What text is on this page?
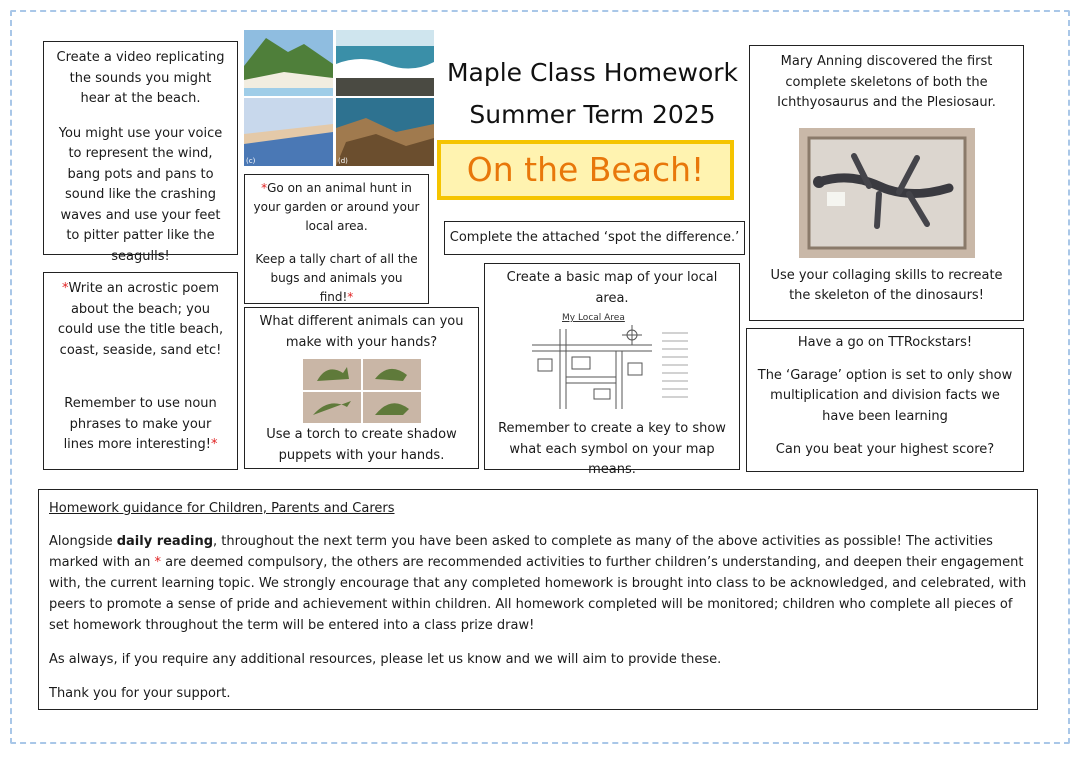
Create a video replicating the sounds you might hear at the beach.

You might use your voice to represent the wind, bang pots and pans to sound like the crashing waves and use your feet to pitter patter like the seagulls!

(c)	(d)
Maple Class Homework
Summer Term 2025
On the Beach!

*Go on an animal hunt in your garden or around your local area.

Keep a tally chart of all the bugs and animals you find!*

Complete the attached ‘spot the difference.’

Mary Anning discovered the first complete skeletons of both the Ichthyosaurus and the Plesiosaur.

Use your collaging skills to recreate the skeleton of the dinosaurs!

*Write an acrostic poem about the beach; you could use the title beach, coast, seaside, sand etc!

Remember to use noun phrases to make your lines more interesting!*

What different animals can you make with your hands?

Use a torch to create shadow puppets with your hands.

Create a basic map of your local area.

My Local Area

Remember to create a key to show what each symbol on your map means.

Have a go on TTRockstars!

The ‘Garage’ option is set to only show multiplication and division facts we have been learning

Can you beat your highest score?

Homework guidance for Children, Parents and Carers

Alongside daily reading, throughout the next term you have been asked to complete as many of the above activities as possible! The activities marked with an * are deemed compulsory, the others are recommended activities to further children’s understanding, and deepen their engagement with, the current learning topic. We strongly encourage that any completed homework is brought into class to be acknowledged, and celebrated, with peers to promote a sense of pride and achievement within children. All homework completed will be monitored; children who complete all pieces of set homework throughout the term will be entered into a class prize draw!

As always, if you require any additional resources, please let us know and we will aim to provide these.

Thank you for your support.
